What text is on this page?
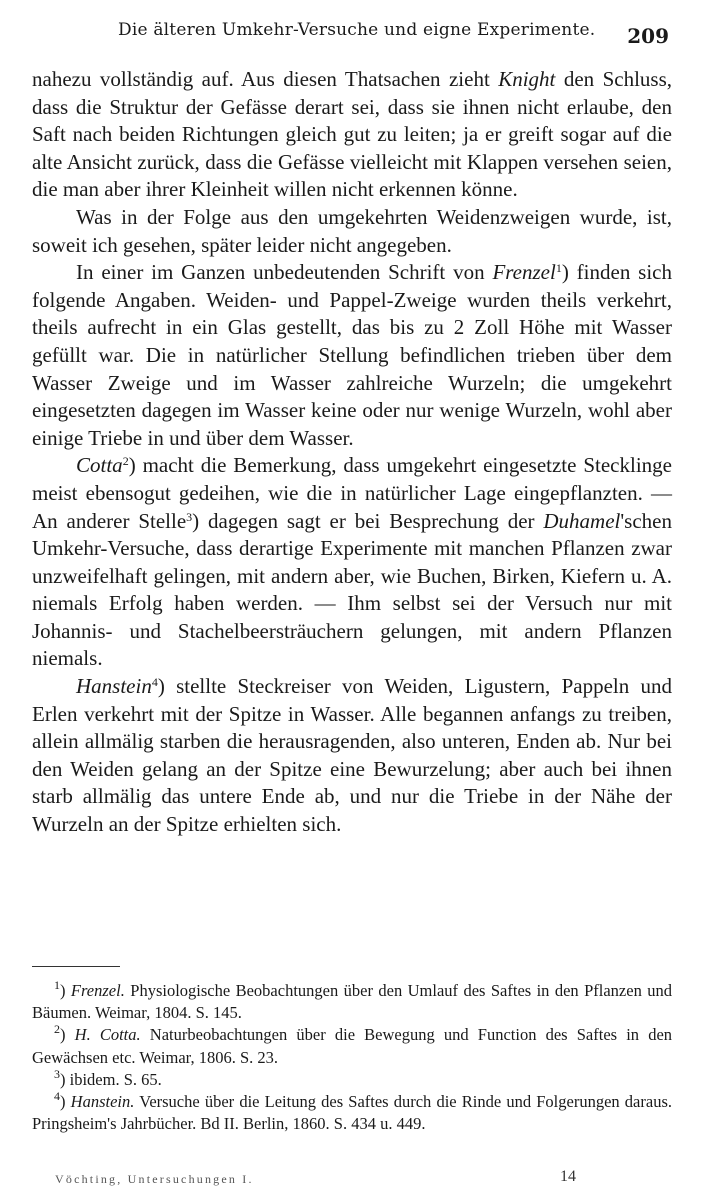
Die älteren Umkehr-Versuche und eigne Experimente. 209

nahezu vollständig auf. Aus diesen Thatsachen zieht Knight den Schluss, dass die Struktur der Gefässe derart sei, dass sie ihnen nicht erlaube, den Saft nach beiden Richtungen gleich gut zu leiten; ja er greift sogar auf die alte Ansicht zurück, dass die Gefässe vielleicht mit Klappen versehen seien, die man aber ihrer Kleinheit willen nicht erkennen könne.

Was in der Folge aus den umgekehrten Weidenzweigen wurde, ist, soweit ich gesehen, später leider nicht angegeben.

In einer im Ganzen unbedeutenden Schrift von Frenzel$^1$) finden sich folgende Angaben. Weiden- und Pappel-Zweige wurden theils verkehrt, theils aufrecht in ein Glas gestellt, das bis zu 2 Zoll Höhe mit Wasser gefüllt war. Die in natürlicher Stellung befindlichen trieben über dem Wasser Zweige und im Wasser zahlreiche Wurzeln; die umgekehrt eingesetzten dagegen im Wasser keine oder nur wenige Wurzeln, wohl aber einige Triebe in und über dem Wasser.

Cotta$^2$) macht die Bemerkung, dass umgekehrt eingesetzte Stecklinge meist ebensogut gedeihen, wie die in natürlicher Lage eingepflanzten. — An anderer Stelle$^3$) dagegen sagt er bei Besprechung der Duhamel'schen Umkehr-Versuche, dass derartige Experimente mit manchen Pflanzen zwar unzweifelhaft gelingen, mit andern aber, wie Buchen, Birken, Kiefern u. A. niemals Erfolg haben werden. — Ihm selbst sei der Versuch nur mit Johannis- und Stachelbeersträuchern gelungen, mit andern Pflanzen niemals.

Hanstein$^4$) stellte Steckreiser von Weiden, Ligustern, Pappeln und Erlen verkehrt mit der Spitze in Wasser. Alle begannen anfangs zu treiben, allein allmälig starben die herausragenden, also unteren, Enden ab. Nur bei den Weiden gelang an der Spitze eine Bewurzelung; aber auch bei ihnen starb allmälig das untere Ende ab, und nur die Triebe in der Nähe der Wurzeln an der Spitze erhielten sich.

$^1$) Frenzel. Physiologische Beobachtungen über den Umlauf des Saftes in den Pflanzen und Bäumen. Weimar, 1804. S. 145.

$^2$) H. Cotta. Naturbeobachtungen über die Bewegung und Function des Saftes in den Gewächsen etc. Weimar, 1806. S. 23.

$^3$) ibidem. S. 65.

$^4$) Hanstein. Versuche über die Leitung des Saftes durch die Rinde und Folgerungen daraus. Pringsheim's Jahrbücher. Bd II. Berlin, 1860. S. 434 u. 449.

Vöchting, Untersuchungen I.	14
